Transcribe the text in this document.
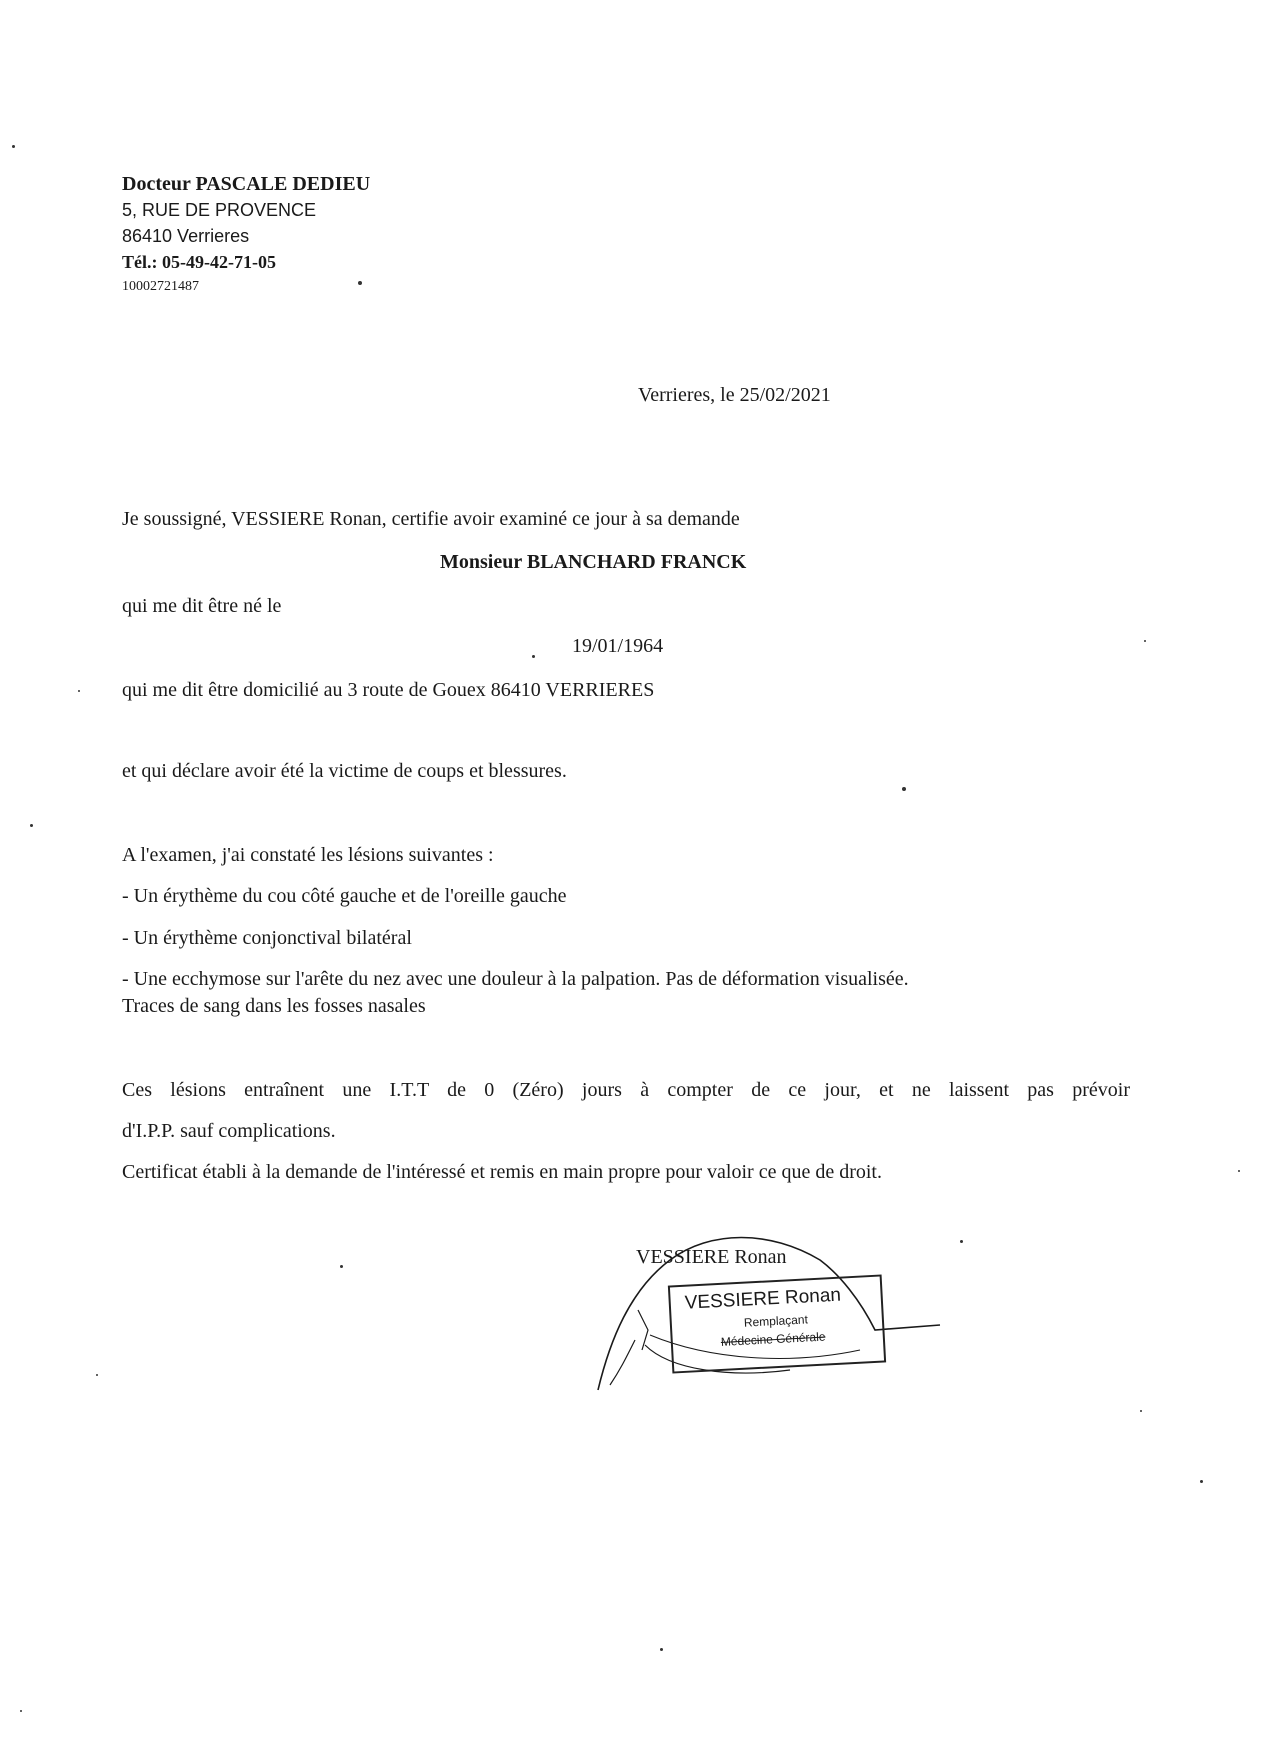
Docteur PASCALE DEDIEU
5, RUE DE PROVENCE
86410 Verrieres
Tél.: 05-49-42-71-05
10002721487
Verrieres, le 25/02/2021
Je soussigné, VESSIERE Ronan, certifie avoir examiné ce jour à sa demande
Monsieur BLANCHARD FRANCK
qui me dit être né le
19/01/1964
qui me dit être domicilié au 3 route de Gouex 86410 VERRIERES
et qui déclare avoir été la victime de coups et blessures.
A l'examen, j'ai constaté les lésions suivantes :
- Un érythème du cou côté gauche et de l'oreille gauche
- Un érythème conjonctival bilatéral
- Une ecchymose sur l'arête du nez avec une douleur à la palpation. Pas de déformation visualisée.
Traces de sang dans les fosses nasales
Ces lésions entraînent une I.T.T de 0 (Zéro) jours à compter de ce jour, et ne laissent pas prévoir
d'I.P.P. sauf complications.
Certificat établi à la demande de l'intéressé et remis en main propre pour valoir ce que de droit.
VESSIERE Ronan
VESSIERE Ronan
Remplaçant
Médecine Générale
